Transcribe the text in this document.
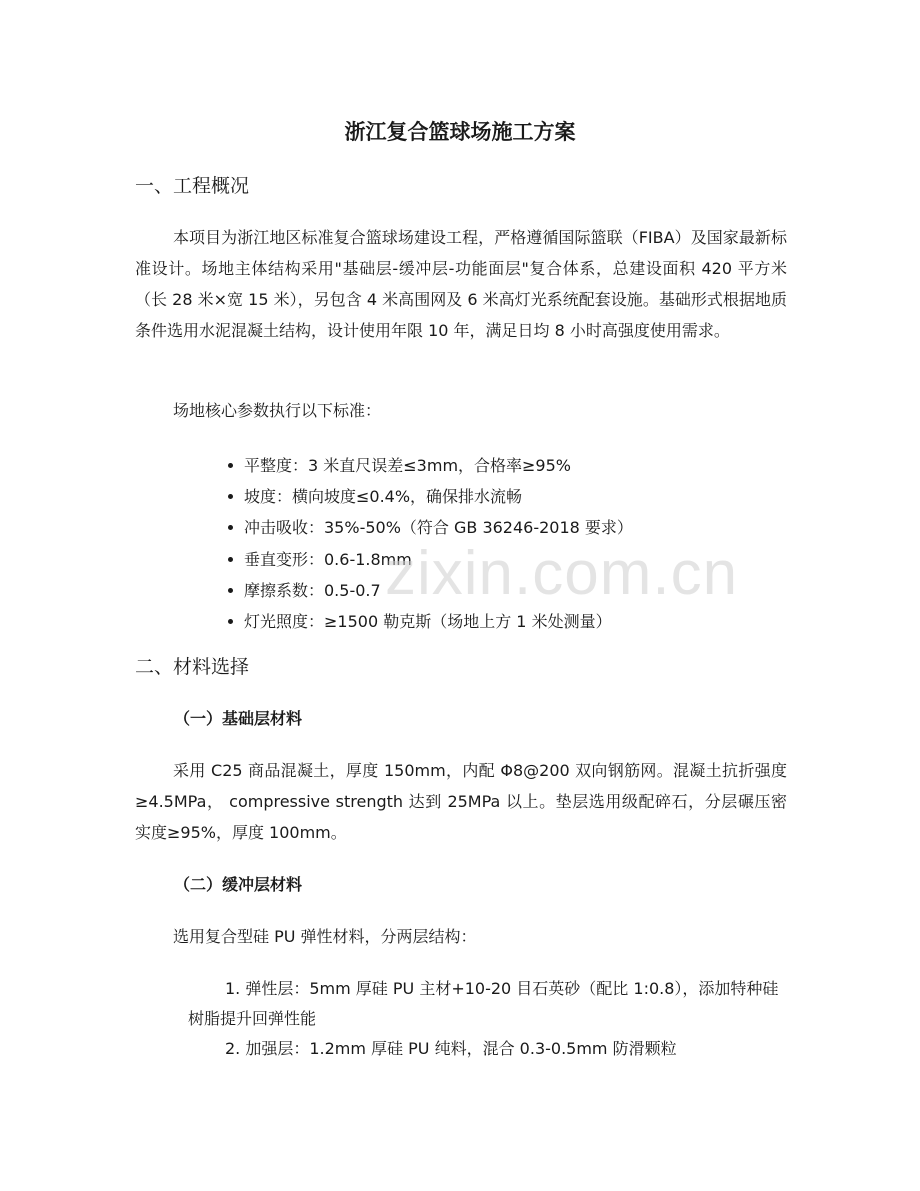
浙江复合篮球场施工方案
一、工程概况

本项目为浙江地区标准复合篮球场建设工程，严格遵循国际篮联（FIBA）及国家最新标准设计。场地主体结构采用"基础层-缓冲层-功能面层"复合体系，总建设面积 420 平方米（长 28 米×宽 15 米），另包含 4 米高围网及 6 米高灯光系统配套设施。基础形式根据地质条件选用水泥混凝土结构，设计使用年限 10 年，满足日均 8 小时高强度使用需求。

场地核心参数执行以下标准：

平整度：3 米直尺误差≤3mm，合格率≥95%
坡度：横向坡度≤0.4%，确保排水流畅
冲击吸收：35%-50%（符合 GB 36246-2018 要求）
垂直变形：0.6-1.8mm
摩擦系数：0.5-0.7
灯光照度：≥1500 勒克斯（场地上方 1 米处测量）
二、材料选择
（一）基础层材料

采用 C25 商品混凝土，厚度 150mm，内配 Φ8@200 双向钢筋网。混凝土抗折强度≥4.5MPa， compressive strength 达到 25MPa 以上。垫层选用级配碎石，分层碾压密实度≥95%，厚度 100mm。

（二）缓冲层材料

选用复合型硅 PU 弹性材料，分两层结构：

1. 弹性层：5mm 厚硅 PU 主材+10-20 目石英砂（配比 1:0.8），添加特种硅树脂提升回弹性能
2. 加强层：1.2mm 厚硅 PU 纯料，混合 0.3-0.5mm 防滑颗粒
zixin.com.cn
